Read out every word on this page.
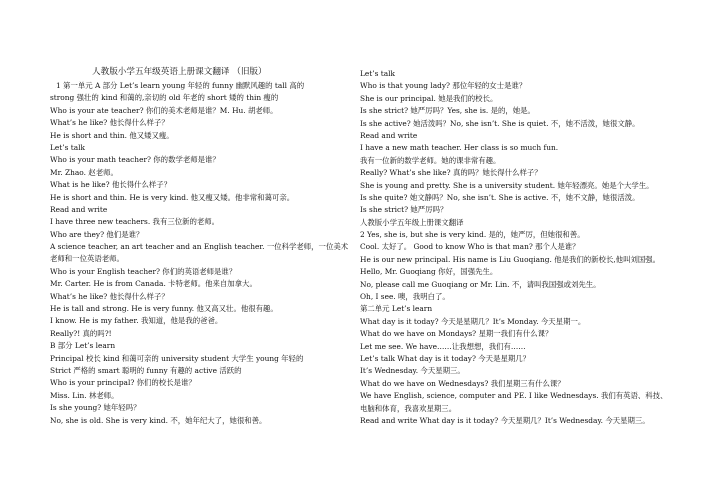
人教版小学五年级英语上册课文翻译 （旧版）
1 第一单元 A 部分 Let’s learn young 年轻的 funny 幽默风趣的 tall 高的
strong 强壮的 kind 和蔼的,亲切的 old 年老的 short 矮的 thin 瘦的
Who is your ate teacher? 你们的美术老师是谁？M. Hu. 胡老师。
What’s he like? 他长得什么样子？
He is short and thin. 他又矮又瘦。
Let’s talk
Who is your math teacher? 你的数学老师是谁？
Mr. Zhao. 赵老师。
What is he like? 他长得什么样子？
He is short and thin. He is very kind. 他又瘦又矮。他非常和蔼可亲。
Read and write
I have three new teachers. 我有三位新的老师。
Who are they? 他们是谁？
A science teacher, an art teacher and an English teacher. 一位科学老师，一位美术
老师和一位英语老师。
Who is your English teacher? 你们的英语老师是谁？
Mr. Carter. He is from Canada. 卡特老师。他来自加拿大。
What’s he like? 他长得什么样子？
He is tall and strong. He is very funny. 他又高又壮。他很有趣。
I know. He is my father. 我知道，他是我的爸爸。
Really?! 真的吗?!
B 部分 Let’s learn
Principal 校长 kind 和蔼可亲的 university student 大学生 young 年轻的
Strict 严格的 smart 聪明的 funny 有趣的 active 活跃的
Who is your principal? 你们的校长是谁？
Miss. Lin. 林老师。
Is she young? 她年轻吗？
No, she is old. She is very kind. 不，她年纪大了，她很和善。
Let’s talk
Who is that young lady? 那位年轻的女士是谁？
She is our principal. 她是我们的校长。
Is she strict? 她严厉吗？Yes, she is. 是的，她是。
Is she active? 她活泼吗？No, she isn’t. She is quiet. 不，她不活泼，她很文静。
Read and write
I have a new math teacher. Her class is so much fun.
我有一位新的数学老师。她的课非常有趣。
Really? What’s she like? 真的吗？她长得什么样子？
She is young and pretty. She is a university student. 她年轻漂亮。她是个大学生。
Is she quite? 她文静吗？No, she isn’t. She is active. 不，她不文静，她很活泼。
Is she strict? 她严厉吗？
人教版小学五年级上册课文翻译
2 Yes, she is, but she is very kind. 是的，她严厉，但她很和善。
Cool. 太好了。 Good to know Who is that man? 那个人是谁？
He is our new principal. His name is Liu Guoqiang. 他是我们的新校长,他叫刘国强。
Hello, Mr. Guoqiang 你好，国强先生。
No, please call me Guoqiang or Mr. Lin. 不，请叫我国强或刘先生。
Oh, I see. 噢，我明白了。
第二单元 Let’s learn
What day is it today? 今天是星期几？It’s Monday. 今天星期一。
What do we have on Mondays? 星期一我们有什么课？
Let me see. We have……让我想想，我们有……
Let’s talk What day is it today? 今天是星期几？
It’s Wednesday. 今天星期三。
What do we have on Wednesdays? 我们星期三有什么课？
We have English, science, computer and PE. I like Wednesdays. 我们有英语、科技、
电脑和体育，我喜欢星期三。
Read and write What day is it today? 今天星期几？It’s Wednesday. 今天星期三。
